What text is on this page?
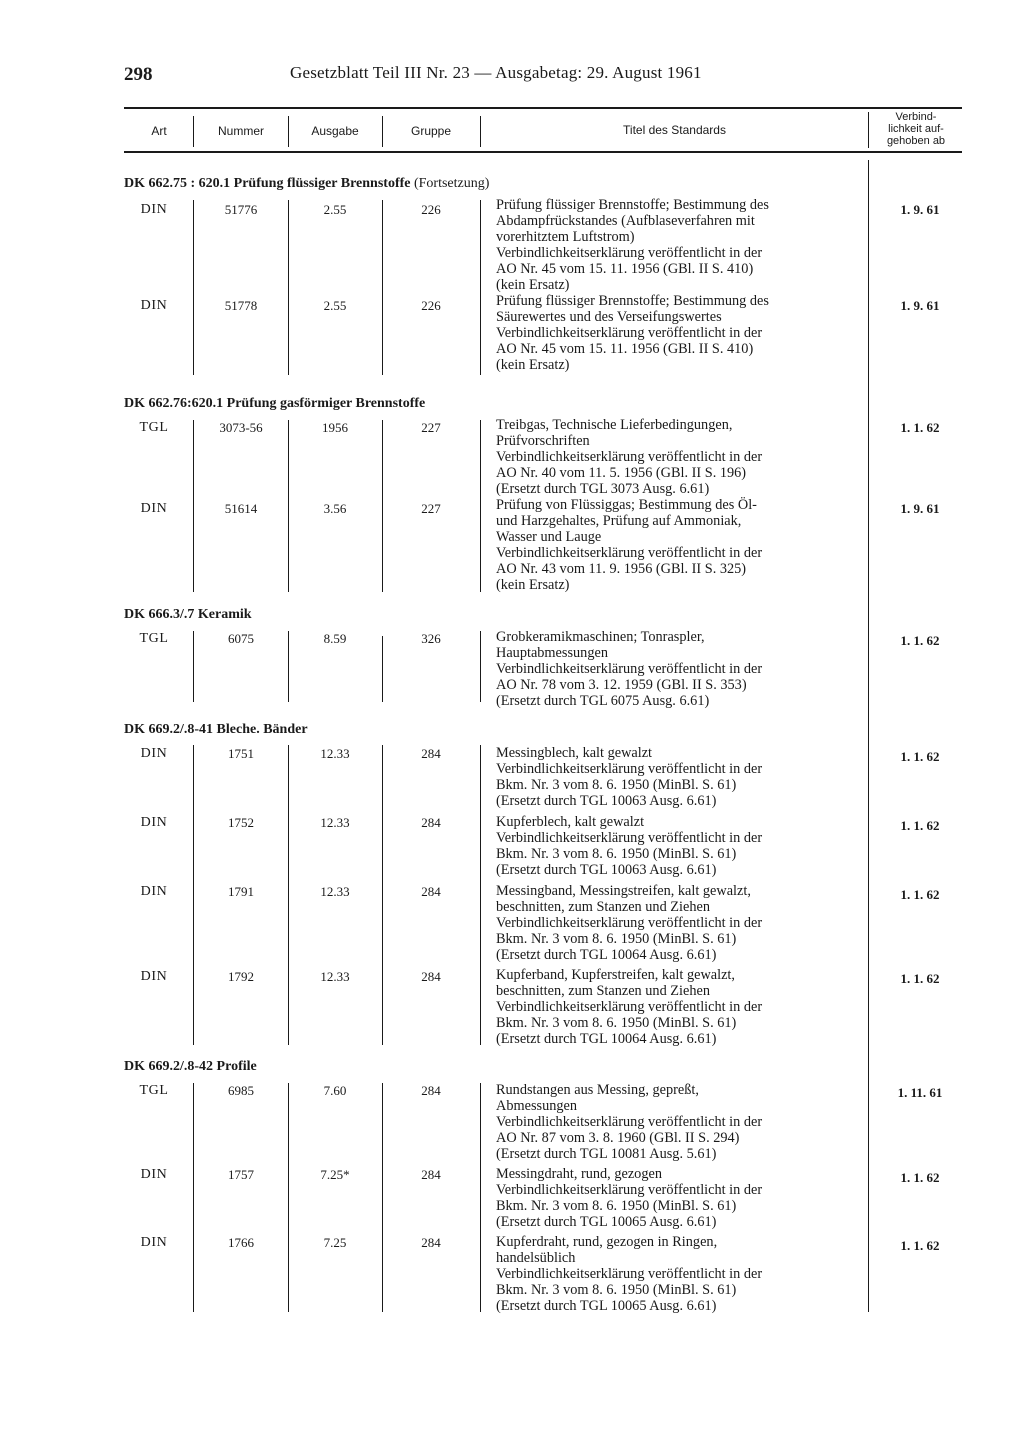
298	Gesetzblatt Teil III Nr. 23 — Ausgabetag: 29. August 1961
Art	Nummer	Ausgabe	Gruppe	Titel des Standards
Verbind-
lichkeit auf-
gehoben ab
DK 662.75 : 620.1 Prüfung flüssiger Brennstoffe (Fortsetzung)
DIN	51776	2.55	226	Prüfung flüssiger Brennstoffe; Bestimmung des
Abdampfrückstandes (Aufblaseverfahren mit
vorerhitztem Luftstrom)
Verbindlichkeitserklärung veröffentlicht in der
AO Nr. 45 vom 15. 11. 1956 (GBl. II S. 410)
(kein Ersatz)
1. 9. 61
DIN	51778	2.55	226	Prüfung flüssiger Brennstoffe; Bestimmung des
Säurewertes und des Verseifungswertes
Verbindlichkeitserklärung veröffentlicht in der
AO Nr. 45 vom 15. 11. 1956 (GBl. II S. 410)
(kein Ersatz)
1. 9. 61
DK 662.76:620.1 Prüfung gasförmiger Brennstoffe
TGL	3073-56	1956	227	Treibgas, Technische Lieferbedingungen,
Prüfvorschriften
Verbindlichkeitserklärung veröffentlicht in der
AO Nr. 40 vom 11. 5. 1956 (GBl. II S. 196)
(Ersetzt durch TGL 3073 Ausg. 6.61)
1. 1. 62
DIN	51614	3.56	227	Prüfung von Flüssiggas; Bestimmung des Öl-
und Harzgehaltes, Prüfung auf Ammoniak,
Wasser und Lauge
Verbindlichkeitserklärung veröffentlicht in der
AO Nr. 43 vom 11. 9. 1956 (GBl. II S. 325)
(kein Ersatz)
1. 9. 61
DK 666.3/.7 Keramik
TGL	6075	8.59	326	Grobkeramikmaschinen; Tonraspler,
Hauptabmessungen
Verbindlichkeitserklärung veröffentlicht in der
AO Nr. 78 vom 3. 12. 1959 (GBl. II S. 353)
(Ersetzt durch TGL 6075 Ausg. 6.61)
1. 1. 62
DK 669.2/.8-41 Bleche. Bänder
DIN	1751	12.33	284	Messingblech, kalt gewalzt
Verbindlichkeitserklärung veröffentlicht in der
Bkm. Nr. 3 vom 8. 6. 1950 (MinBl. S. 61)
(Ersetzt durch TGL 10063 Ausg. 6.61)
1. 1. 62
DIN	1752	12.33	284	Kupferblech, kalt gewalzt
Verbindlichkeitserklärung veröffentlicht in der
Bkm. Nr. 3 vom 8. 6. 1950 (MinBl. S. 61)
(Ersetzt durch TGL 10063 Ausg. 6.61)
1. 1. 62
DIN	1791	12.33	284	Messingband, Messingstreifen, kalt gewalzt,
beschnitten, zum Stanzen und Ziehen
Verbindlichkeitserklärung veröffentlicht in der
Bkm. Nr. 3 vom 8. 6. 1950 (MinBl. S. 61)
(Ersetzt durch TGL 10064 Ausg. 6.61)
1. 1. 62
DIN	1792	12.33	284	Kupferband, Kupferstreifen, kalt gewalzt,
beschnitten, zum Stanzen und Ziehen
Verbindlichkeitserklärung veröffentlicht in der
Bkm. Nr. 3 vom 8. 6. 1950 (MinBl. S. 61)
(Ersetzt durch TGL 10064 Ausg. 6.61)
1. 1. 62
DK 669.2/.8-42 Profile
TGL	6985	7.60	284	Rundstangen aus Messing, gepreßt,
Abmessungen
Verbindlichkeitserklärung veröffentlicht in der
AO Nr. 87 vom 3. 8. 1960 (GBl. II S. 294)
(Ersetzt durch TGL 10081 Ausg. 5.61)
1. 11. 61
DIN	1757	7.25*	284	Messingdraht, rund, gezogen
Verbindlichkeitserklärung veröffentlicht in der
Bkm. Nr. 3 vom 8. 6. 1950 (MinBl. S. 61)
(Ersetzt durch TGL 10065 Ausg. 6.61)
1. 1. 62
DIN	1766	7.25	284	Kupferdraht, rund, gezogen in Ringen,
handelsüblich
Verbindlichkeitserklärung veröffentlicht in der
Bkm. Nr. 3 vom 8. 6. 1950 (MinBl. S. 61)
(Ersetzt durch TGL 10065 Ausg. 6.61)
1. 1. 62
